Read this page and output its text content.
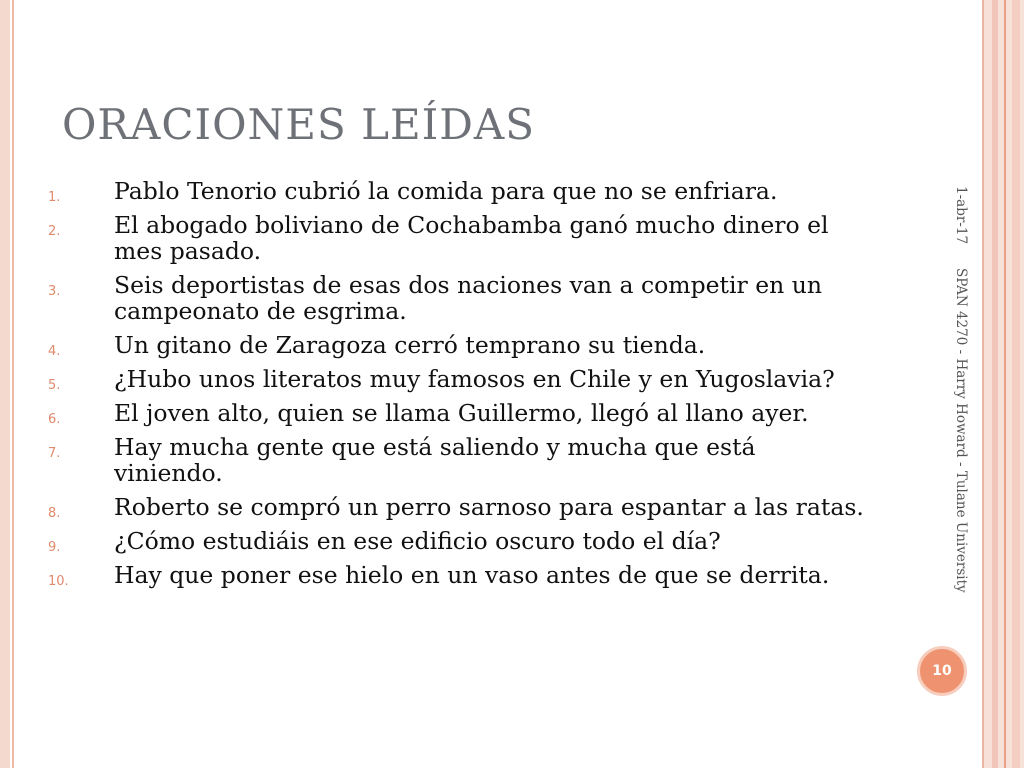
ORACIONES LEÍDAS
1.	Pablo Tenorio cubrió la comida para que no se enfriara.
2.	El abogado boliviano de Cochabamba ganó mucho dinero el mes pasado.
3.	Seis deportistas de esas dos naciones van a competir en un campeonato de esgrima.
4.	Un gitano de Zaragoza cerró temprano su tienda.
5.	¿Hubo unos literatos muy famosos en Chile y en Yugoslavia?
6.	El joven alto, quien se llama Guillermo, llegó al llano ayer.
7.	Hay mucha gente que está saliendo y mucha que está viniendo.
8.	Roberto se compró un perro sarnoso para espantar a las ratas.
9.	¿Cómo estudiáis en ese edificio oscuro todo el día?
10.	Hay que poner ese hielo en un vaso antes de que se derrita.
1-abr-17
SPAN 4270 - Harry Howard - Tulane University
10
